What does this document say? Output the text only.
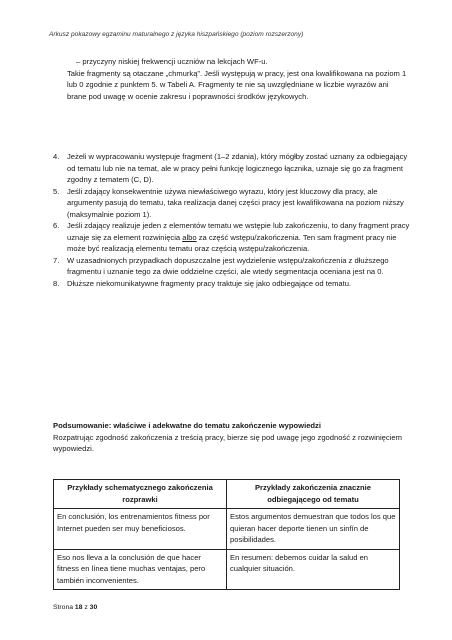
Arkusz pokazowy egzaminu maturalnego z języka hiszpańskiego (poziom rozszerzony)

– przyczyny niskiej frekwencji uczniów na lekcjach WF-u.

Takie fragmenty są otaczane „chmurką”. Jeśli występują w pracy, jest ona kwalifikowana na poziom 1 lub 0 zgodnie z punktem 5. w Tabeli A. Fragmenty te nie są uwzględniane w liczbie wyrazów ani brane pod uwagę w ocenie zakresu i poprawności środków językowych.

4.	Jeżeli w wypracowaniu występuje fragment (1–2 zdania), który mógłby zostać uznany za odbiegający od tematu lub nie na temat, ale w pracy pełni funkcję logicznego łącznika, uznaje się go za fragment zgodny z tematem (C, D).
5.	Jeśli zdający konsekwentnie używa niewłaściwego wyrazu, który jest kluczowy dla pracy, ale argumenty pasują do tematu, taka realizacja danej części pracy jest kwalifikowana na poziom niższy (maksymalnie poziom 1).
6.	Jeśli zdający realizuje jeden z elementów tematu we wstępie lub zakończeniu, to dany fragment pracy uznaje się za element rozwinięcia albo za część wstępu/zakończenia. Ten sam fragment pracy nie może być realizacją elementu tematu oraz częścią wstępu/zakończenia.
7.	W uzasadnionych przypadkach dopuszczalne jest wydzielenie wstępu/zakończenia z dłuższego fragmentu i uznanie tego za dwie oddzielne części, ale wtedy segmentacja oceniana jest na 0.
8.	Dłuższe niekomunikatywne fragmenty pracy traktuje się jako odbiegające od tematu.

Podsumowanie: właściwe i adekwatne do tematu zakończenie wypowiedzi

Rozpatrując zgodność zakończenia z treścią pracy, bierze się pod uwagę jego zgodność z rozwinięciem wypowiedzi.

Przykłady schematycznego zakończenia rozprawki	Przykłady zakończenia znacznie odbiegającego od tematu
En conclusión, los entrenamientos fitness por Internet pueden ser muy beneficiosos.	Estos argumentos demuestran que todos los que quieran hacer deporte tienen un sinfín de posibilidades.
Eso nos lleva a la conclusión de que hacer fitness en línea tiene muchas ventajas, pero también inconvenientes.	En resumen: debemos cuidar la salud en cualquier situación.
Strona 18 z 30
